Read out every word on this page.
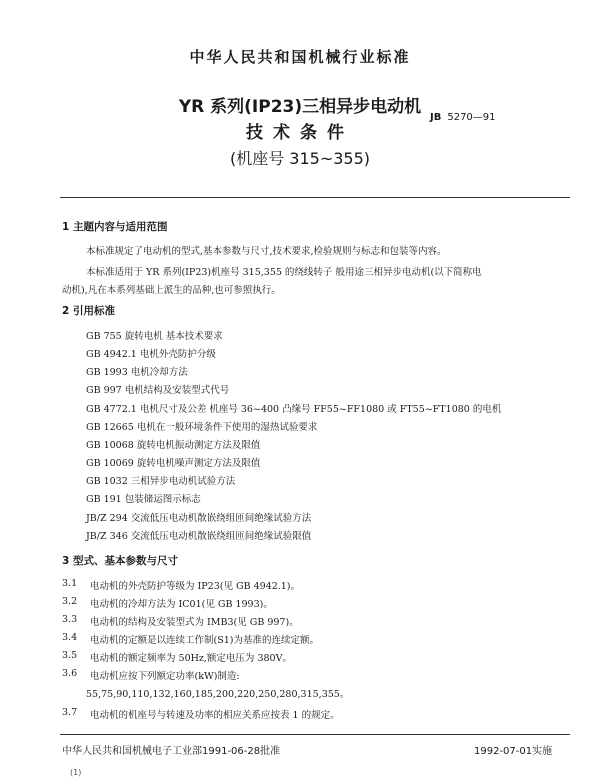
中华人民共和国机械行业标准
YR 系列(IP23)三相异步电动机
技术条件
(机座号 315~355)
JB 5270—91
1 主题内容与适用范围
本标准规定了电动机的型式,基本参数与尺寸,技术要求,检验规则与标志和包装等内容。
本标准适用于 YR 系列(IP23)机座号 315,355 的绕线转子 般用途三相异步电动机(以下简称电
动机),凡在本系列基础上派生的品种,也可参照执行。
2 引用标准
GB 755 旋转电机 基本技术要求
GB 4942.1 电机外壳防护分级
GB 1993 电机冷却方法
GB 997 电机结构及安装型式代号
GB 4772.1 电机尺寸及公差 机座号 36~400 凸缘号 FF55~FF1080 或 FT55~FT1080 的电机
GB 12665 电机在一般环境条件下使用的湿热试验要求
GB 10068 旋转电机振动测定方法及限值
GB 10069 旋转电机噪声测定方法及限值
GB 1032 三相异步电动机试验方法
GB 191 包装储运图示标志
JB/Z 294 交流低压电动机散嵌绕组匝间绝缘试验方法
JB/Z 346 交流低压电动机散嵌绕组匝间绝缘试验限值
3 型式、基本参数与尺寸
3.1 电动机的外壳防护等级为 IP23(见 GB 4942.1)。
3.2 电动机的冷却方法为 IC01(见 GB 1993)。
3.3 电动机的结构及安装型式为 IMB3(见 GB 997)。
3.4 电动机的定额是以连续工作制(S1)为基准的连续定额。
3.5 电动机的额定频率为 50Hz,额定电压为 380V。
3.6 电动机应按下列额定功率(kW)制造:
55,75,90,110,132,160,185,200,220,250,280,315,355。
3.7 电动机的机座号与转速及功率的相应关系应按表 1 的规定。
中华人民共和国机械电子工业部1991-06-28批准	1992-07-01实施
(1)
